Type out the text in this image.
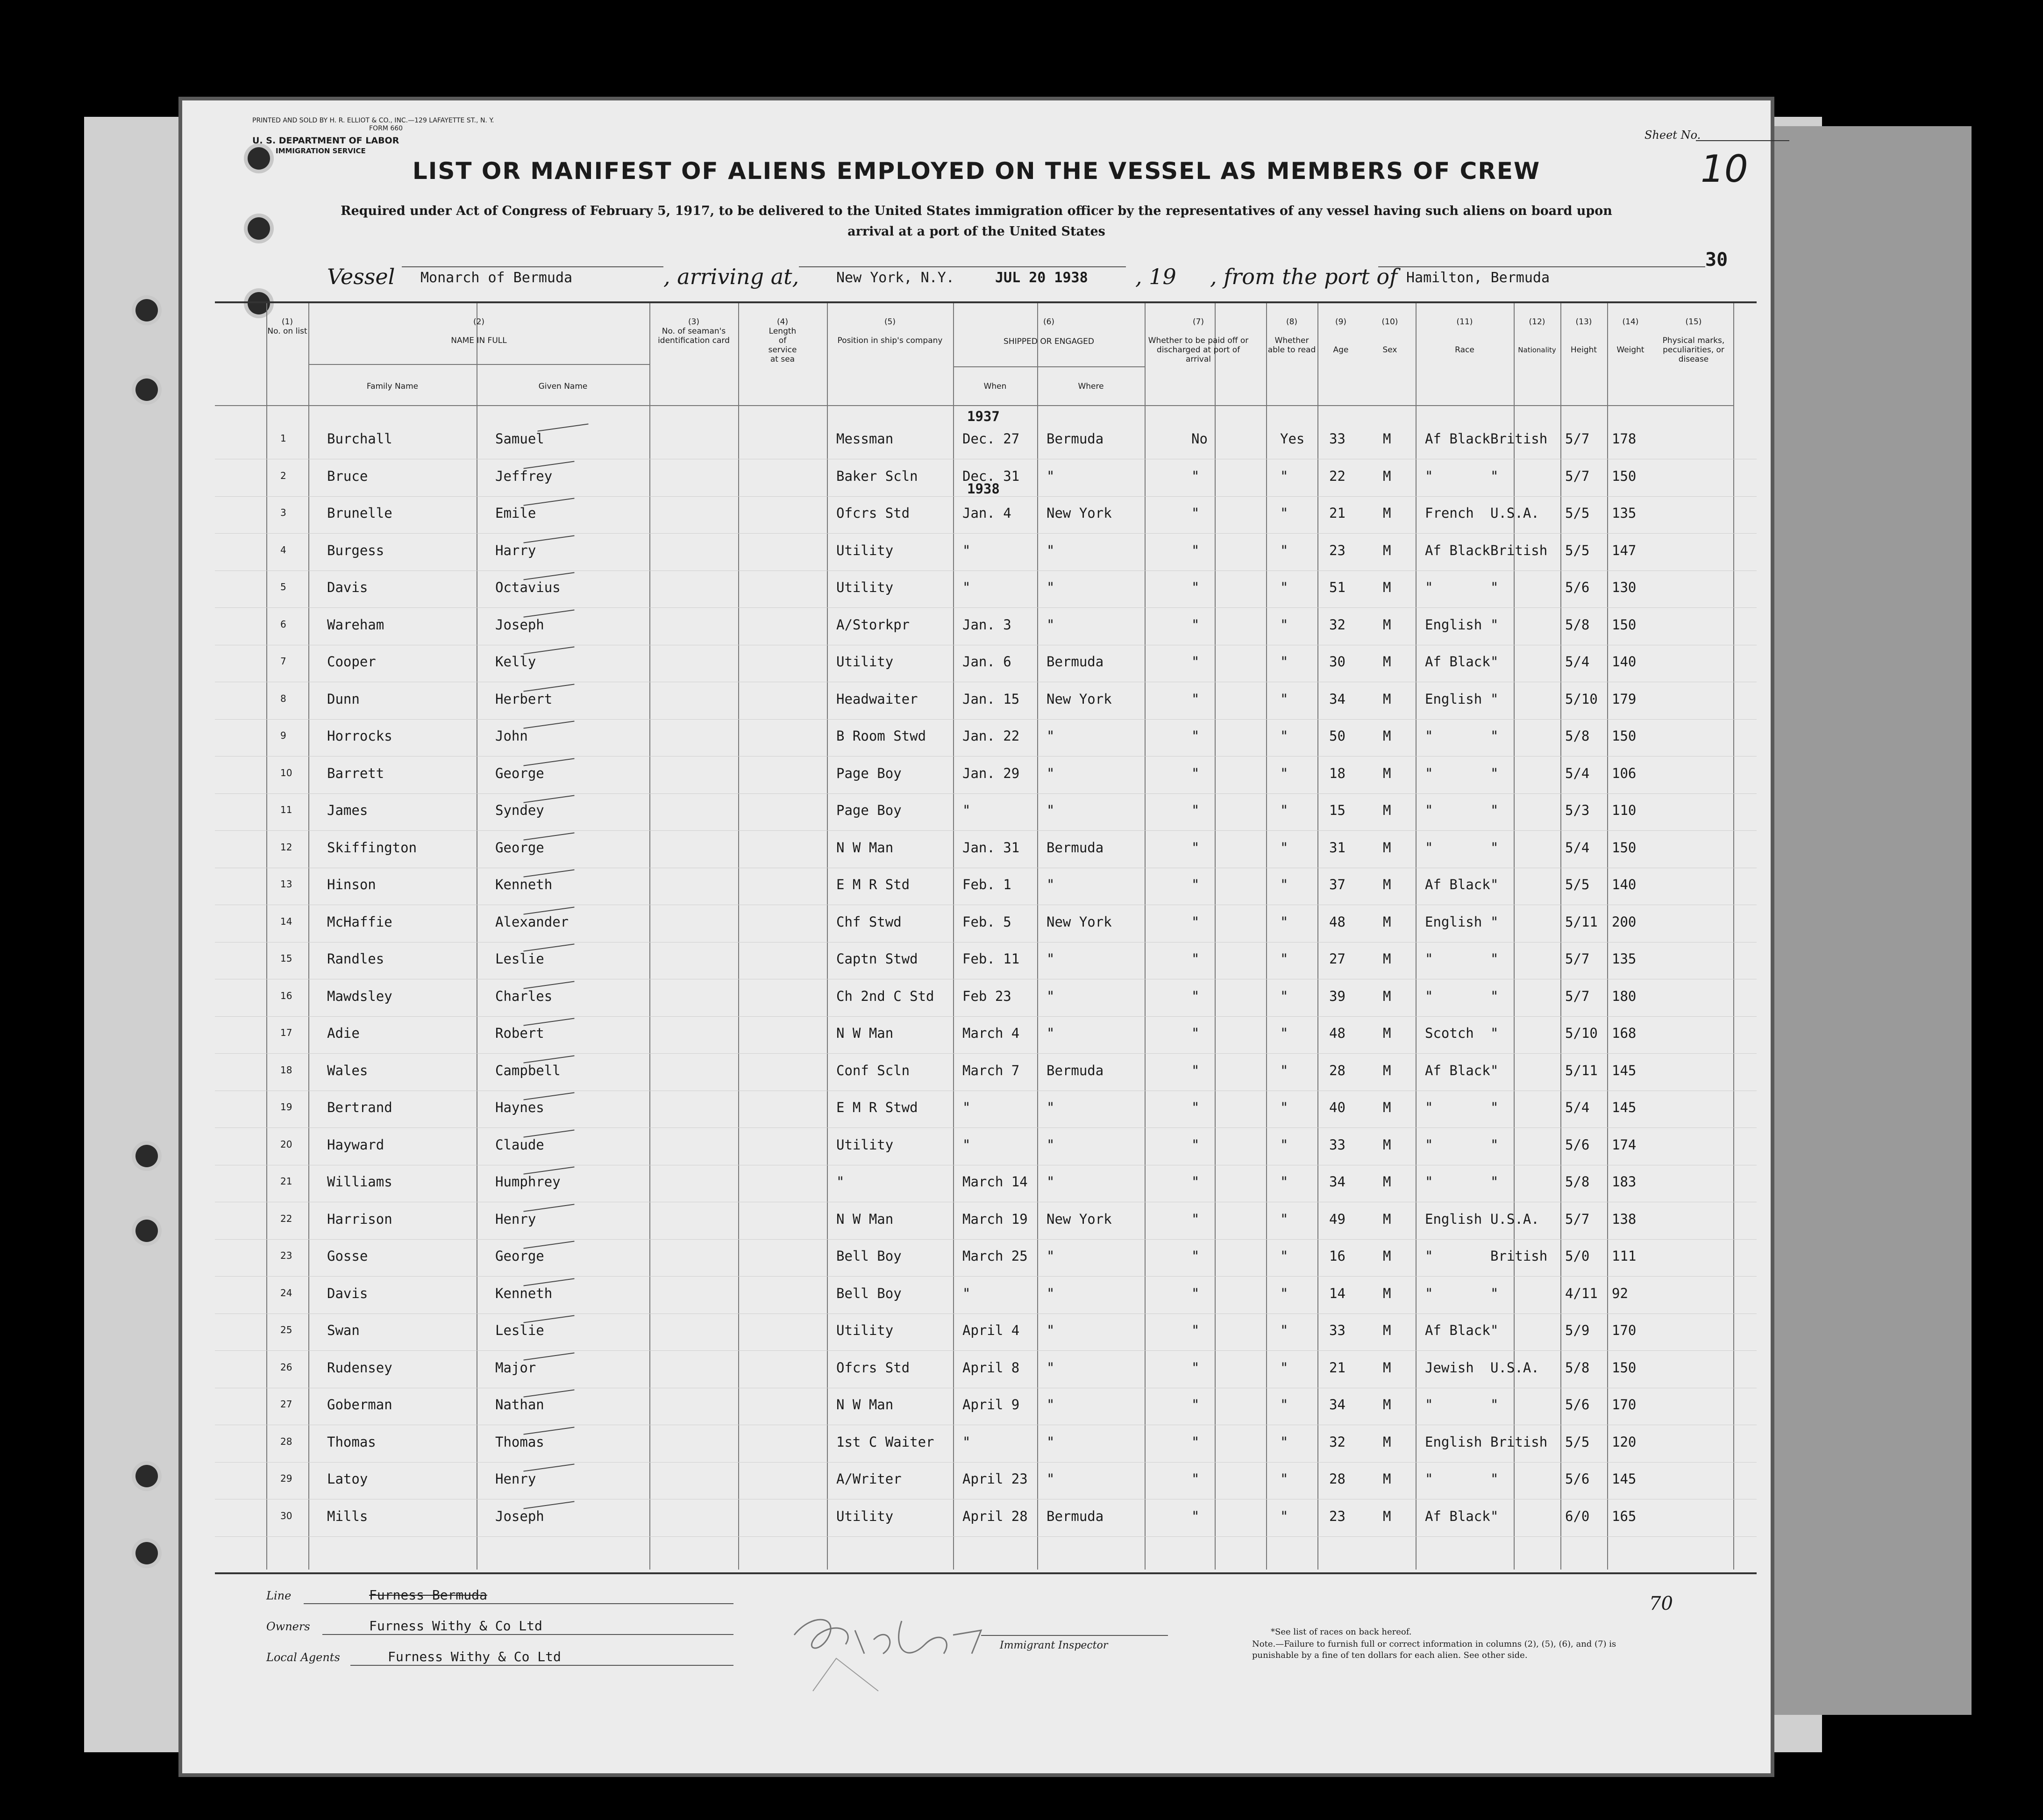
PRINTED AND SOLD BY H. R. ELLIOT & CO., INC.—129 LAFAYETTE ST., N. Y.
FORM 660
U. S. DEPARTMENT OF LABOR
IMMIGRATION SERVICE
Sheet No.
10
LIST OR MANIFEST OF ALIENS EMPLOYED ON THE VESSEL AS MEMBERS OF CREW
Required under Act of Congress of February 5, 1917, to be delivered to the United States immigration officer by the representatives of any vessel having such aliens on board upon arrival at a port of the United States
30
Vessel Monarch of Bermuda	, arriving at,	New York, N.Y.	JUL 20 1938 , 19 , from the port of Hamilton, Bermuda
(1)
No. on list
(2)
NAME IN FULL
Family Name	Given Name
(3)
No. of seaman's identification card
(4)
Length of service at sea
(5)
Position in ship's company
(6)
SHIPPED OR ENGAGED
When	Where
(7)
Whether to be paid off or discharged at port of arrival
(8)
Whether able to read
(9)
Age
(10)
Sex
(11)
Race
(12)
Nationality
(13)
Height
(14)
Weight
(15)
Physical marks, peculiarities, or disease
1937
1938
1	Burchall	Samuel	Messman	Dec. 27 Bermuda	No	Yes 33	M	Af Black British 5/7 178
2	Bruce	Jeffrey	Baker Scln	Dec. 31 "	"	"	22	M	"	"	5/7 150
3	Brunelle	Emile	Ofcrs Std	Jan. 4	New York	"	"	21	M	French U.S.A. 5/5 135
4	Burgess	Harry	Utility	"	"	"	"	23	M	Af Black British 5/5 147
5	Davis	Octavius	Utility	"	"	"	"	51	M	"	"	5/6 130
6	Wareham	Joseph	A/Storkpr	Jan. 3	"	"	"	32	M	English "	5/8 150
7	Cooper	Kelly	Utility	Jan. 6	Bermuda	"	"	30	M	Af Black "	5/4 140
8	Dunn	Herbert	Headwaiter	Jan. 15 New York	"	"	34	M	English "	5/10 179
9	Horrocks	John	B Room Stwd	Jan. 22 "	"	"	50	M	"	"	5/8 150
10	Barrett	George	Page Boy	Jan. 29 "	"	"	18	M	"	"	5/4 106
11	James	Syndey	Page Boy	"	"	"	"	15	M	"	"	5/3 110
12	Skiffington	George	N W Man	Jan. 31 Bermuda	"	"	31	M	"	"	5/4 150
13	Hinson	Kenneth	E M R Std	Feb. 1	"	"	"	37	M	Af Black "	5/5 140
14	McHaffie	Alexander	Chf Stwd	Feb. 5	New York	"	"	48	M	English "	5/11 200
15	Randles	Leslie	Captn Stwd	Feb. 11 "	"	"	27	M	"	"	5/7 135
16	Mawdsley	Charles	Ch 2nd C Std Feb 23	"	"	"	39	M	"	"	5/7 180
17	Adie	Robert	N W Man	March 4 "	"	"	48	M	Scotch "	5/10 168
18	Wales	Campbell	Conf Scln	March 7 Bermuda	"	"	28	M	Af Black "	5/11 145
19	Bertrand	Haynes	E M R Stwd	"	"	"	"	40	M	"	"	5/4 145
20	Hayward	Claude	Utility	"	"	"	"	33	M	"	"	5/6 174
21	Williams	Humphrey	"	March 14 "	"	"	34	M	"	"	5/8 183
22	Harrison	Henry	N W Man	March 19 New York	"	"	49	M	English U.S.A. 5/7 138
23	Gosse	George	Bell Boy	March 25 "	"	"	16	M	"	British 5/0 111
24	Davis	Kenneth	Bell Boy	"	"	"	"	14	M	"	"	4/11 92
25	Swan	Leslie	Utility	April 4 "	"	"	33	M	Af Black "	5/9 170
26	Rudensey	Major	Ofcrs Std	April 8 "	"	"	21	M	Jewish U.S.A. 5/8 150
27	Goberman	Nathan	N W Man	April 9 "	"	"	34	M	"	"	5/6 170
28	Thomas	Thomas	1st C Waiter "	"	"	"	32	M	English British 5/5 120
29	Latoy	Henry	A/Writer	April 23 "	"	"	28	M	"	"	5/6 145
30	Mills	Joseph	Utility	April 28 Bermuda	"	"	23	M	Af Black "	6/0 165
Line	Furness Bermuda
Owners	Furness Withy & Co Ltd
Local Agents	Furness Withy & Co Ltd
Immigrant Inspector
*See list of races on back hereof.
Note.—Failure to furnish full or correct information in columns (2), (5), (6), and (7) is punishable by a fine of ten dollars for each alien. See other side.
70
